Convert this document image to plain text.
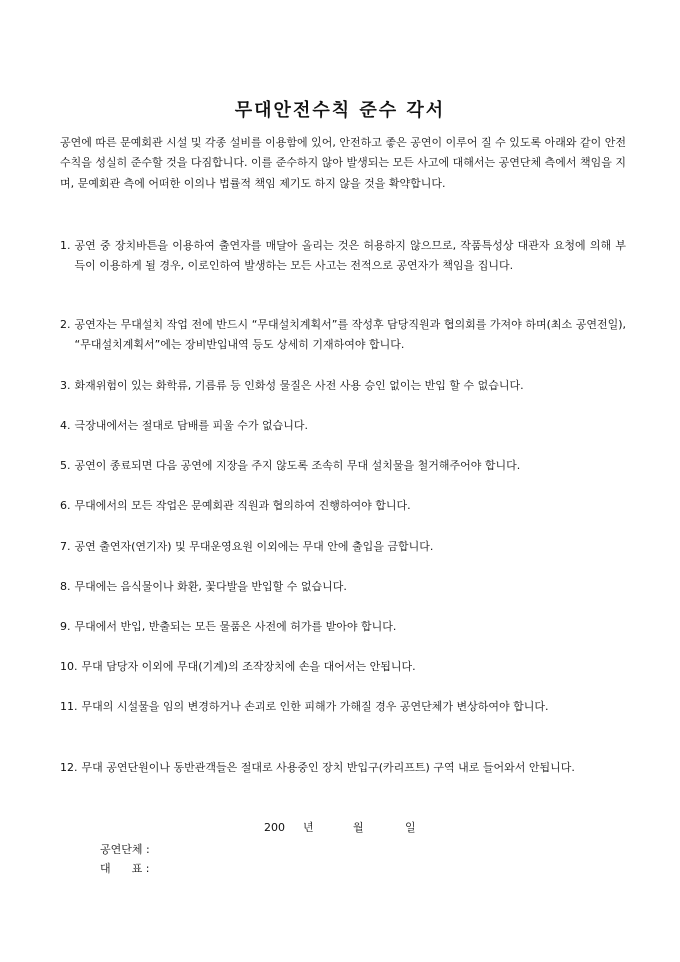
무대안전수칙 준수 각서

공연에 따른 문예회관 시설 및 각종 설비를 이용함에 있어, 안전하고 좋은 공연이 이루어 질 수 있도록 아래와 같이 안전수칙을 성실히 준수할 것을 다짐합니다. 이를 준수하지 않아 발생되는 모든 사고에 대해서는 공연단체 측에서 책임을 지며, 문예회관 측에 어떠한 이의나 법률적 책임 제기도 하지 않을 것을 확약합니다.

1. 공연 중 장치바튼을 이용하여 출연자를 매달아 올리는 것은 허용하지 않으므로, 작품특성상 대관자 요청에 의해 부득이 이용하게 될 경우, 이로인하여 발생하는 모든 사고는 전적으로 공연자가 책임을 집니다.
2. 공연자는 무대설치 작업 전에 반드시 “무대설치계획서”를 작성후 담당직원과 협의회를 가져야 하며(최소 공연전일), “무대설치계획서”에는 장비반입내역 등도 상세히 기재하여야 합니다.
3. 화재위험이 있는 화학류, 기름류 등 인화성 물질은 사전 사용 승인 없이는 반입 할 수 없습니다.
4. 극장내에서는 절대로 담배를 피울 수가 없습니다.
5. 공연이 종료되면 다음 공연에 지장을 주지 않도록 조속히 무대 설치물을 철거해주어야 합니다.
6. 무대에서의 모든 작업은 문예회관 직원과 협의하여 진행하여야 합니다.
7. 공연 출연자(연기자) 및 무대운영요원 이외에는 무대 안에 출입을 금합니다.
8. 무대에는 음식물이나 화환, 꽃다발을 반입할 수 없습니다.
9. 무대에서 반입, 반출되는 모든 물품은 사전에 허가를 받아야 합니다.
10. 무대 담당자 이외에 무대(기계)의 조작장치에 손을 대어서는 안됩니다.
11. 무대의 시설물을 임의 변경하거나 손괴로 인한 피해가 가해질 경우 공연단체가 변상하여야 합니다.
12. 무대 공연단원이나 동반관객들은 절대로 사용중인 장치 반입구(카리프트) 구역 내로 들어와서 안됩니다.
200 년	월	일
공연단체 :
대      표 :
